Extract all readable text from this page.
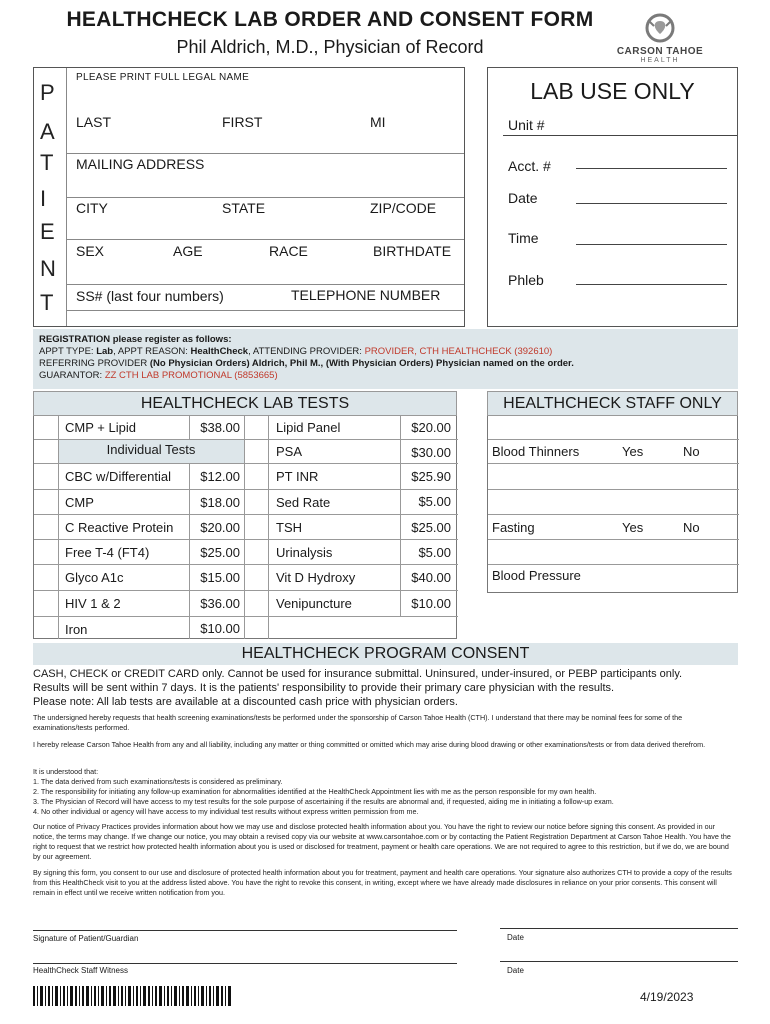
HEALTHCHECK LAB ORDER AND CONSENT FORM
Phil Aldrich, M.D., Physician of Record	CARSON TAHOE
HEALTH
P
A
T
I
E
N
T
PLEASE PRINT FULL LEGAL NAME
LAST	FIRST	MI
MAILING ADDRESS
CITY	STATE	ZIP/CODE
SEX	AGE	RACE	BIRTHDATE
SS# (last four numbers)	TELEPHONE NUMBER
LAB USE ONLY
Unit #
Acct. #
Date
Time
Phleb
REGISTRATION please register as follows:
APPT TYPE: Lab, APPT REASON: HealthCheck, ATTENDING PROVIDER: PROVIDER, CTH HEALTHCHECK (392610)
REFERRING PROVIDER (No Physician Orders) Aldrich, Phil M., (With Physician Orders) Physician named on the order.
GUARANTOR: ZZ CTH LAB PROMOTIONAL (5853665)
HEALTHCHECK LAB TESTS
Individual Tests
CMP + Lipid	$38.00
CBC w/Differential	$12.00
CMP	$18.00
C Reactive Protein	$20.00
Free T-4 (FT4)	$25.00
Glyco A1c	$15.00
HIV 1 & 2	$36.00
Iron	$10.00
Lipid Panel	$20.00
PSA	$30.00
PT INR	$25.90
Sed Rate	$5.00
TSH	$25.00
Urinalysis	$5.00
Vit D Hydroxy	$40.00
Venipuncture	$10.00
HEALTHCHECK STAFF ONLY
Blood Thinners	Yes	No
Fasting	Yes	No
Blood Pressure
HEALTHCHECK PROGRAM CONSENT
CASH, CHECK or CREDIT CARD only. Cannot be used for insurance submittal. Uninsured, under-insured, or PEBP participants only.
Results will be sent within 7 days. It is the patients' responsibility to provide their primary care physician with the results.
Please note: All lab tests are available at a discounted cash price with physician orders.
The undersigned hereby requests that health screening examinations/tests be performed under the sponsorship of Carson Tahoe Health (CTH). I understand that there may be nominal fees for some of the examinations/tests performed.
I hereby release Carson Tahoe Health from any and all liability, including any matter or thing committed or omitted which may arise during blood drawing or other examinations/tests or from data derived therefrom.
It is understood that:
1. The data derived from such examinations/tests is considered as preliminary.
2. The responsibility for initiating any follow-up examination for abnormalities identified at the HealthCheck Appointment lies with me as the person responsible for my own health.
3. The Physician of Record will have access to my test results for the sole purpose of ascertaining if the results are abnormal and, if requested, aiding me in initiating a follow-up exam.
4. No other individual or agency will have access to my individual test results without express written permission from me.
Our notice of Privacy Practices provides information about how we may use and disclose protected health information about you. You have the right to review our notice before signing this consent. As provided in our notice, the terms may change. If we change our notice, you may obtain a revised copy via our website at www.carsontahoe.com or by contacting the Patient Registration Department at Carson Tahoe Health. You have the right to request that we restrict how protected health information about you is used or disclosed for treatment, payment or health care operations. We are not required to agree to this restriction, but if we do, we are bound by our agreement.
By signing this form, you consent to our use and disclosure of protected health information about you for treatment, payment and health care operations. Your signature also authorizes CTH to provide a copy of the results from this HealthCheck visit to you at the address listed above. You have the right to revoke this consent, in writing, except where we have already made disclosures in reliance on your prior consents. This consent will remain in effect until we receive written notification from you.
Signature of Patient/Guardian	Date
HealthCheck Staff Witness	Date
4/19/2023
